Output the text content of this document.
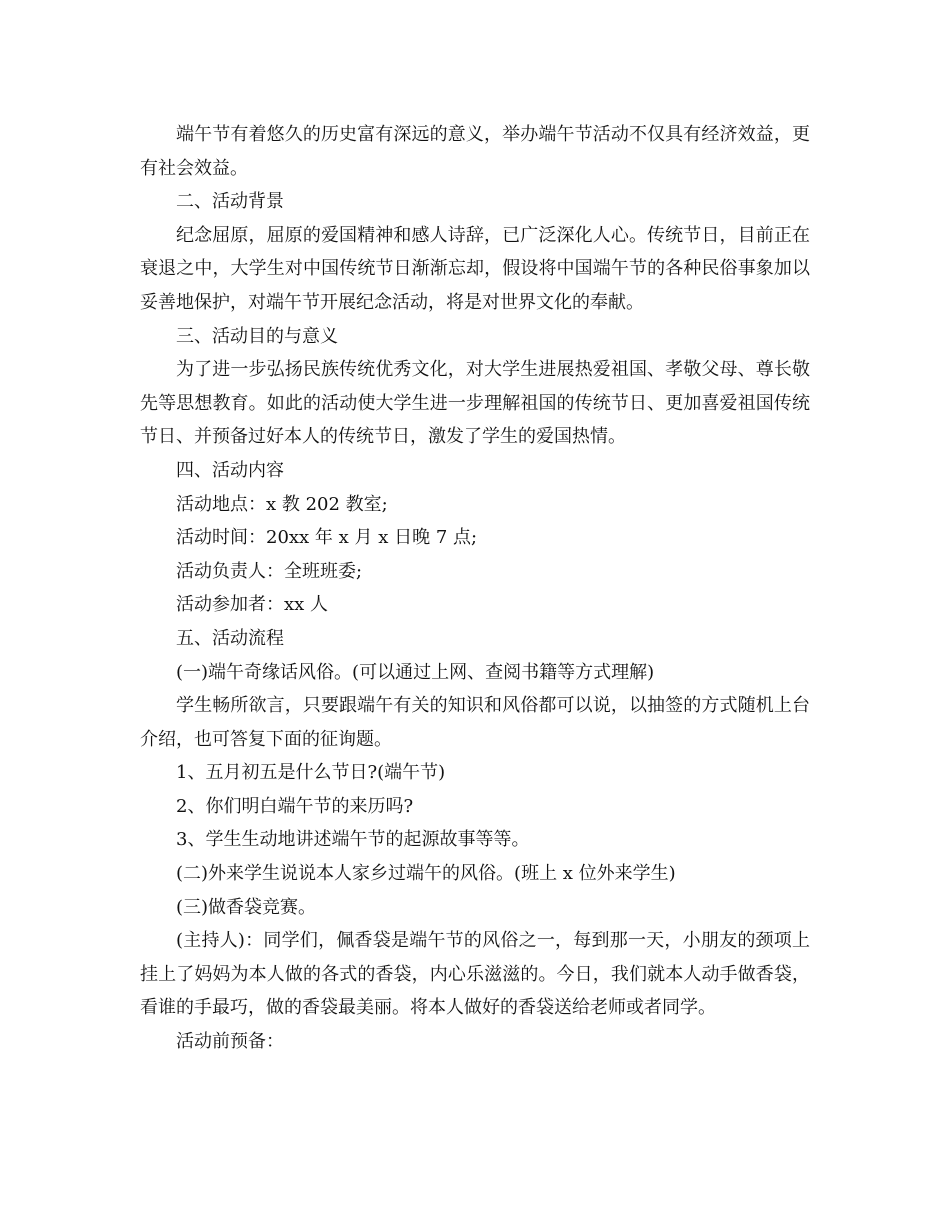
端午节有着悠久的历史富有深远的意义，举办端午节活动不仅具有经济效益，更有社会效益。

二、活动背景

纪念屈原，屈原的爱国精神和感人诗辞，已广泛深化人心。传统节日，目前正在衰退之中，大学生对中国传统节日渐渐忘却，假设将中国端午节的各种民俗事象加以妥善地保护，对端午节开展纪念活动，将是对世界文化的奉献。

三、活动目的与意义

为了进一步弘扬民族传统优秀文化，对大学生进展热爱祖国、孝敬父母、尊长敬先等思想教育。如此的活动使大学生进一步理解祖国的传统节日、更加喜爱祖国传统节日、并预备过好本人的传统节日，激发了学生的爱国热情。

四、活动内容

活动地点：x 教 202 教室;

活动时间：20xx 年 x 月 x 日晚 7 点;

活动负责人：全班班委;

活动参加者：xx 人

五、活动流程

(一)端午奇缘话风俗。(可以通过上网、查阅书籍等方式理解)

学生畅所欲言，只要跟端午有关的知识和风俗都可以说，以抽签的方式随机上台介绍，也可答复下面的征询题。

1、五月初五是什么节日?(端午节)

2、你们明白端午节的来历吗?

3、学生生动地讲述端午节的起源故事等等。

(二)外来学生说说本人家乡过端午的风俗。(班上 x 位外来学生)

(三)做香袋竞赛。

(主持人)：同学们，佩香袋是端午节的风俗之一，每到那一天，小朋友的颈项上挂上了妈妈为本人做的各式的香袋，内心乐滋滋的。今日，我们就本人动手做香袋，看谁的手最巧，做的香袋最美丽。将本人做好的香袋送给老师或者同学。

活动前预备：
